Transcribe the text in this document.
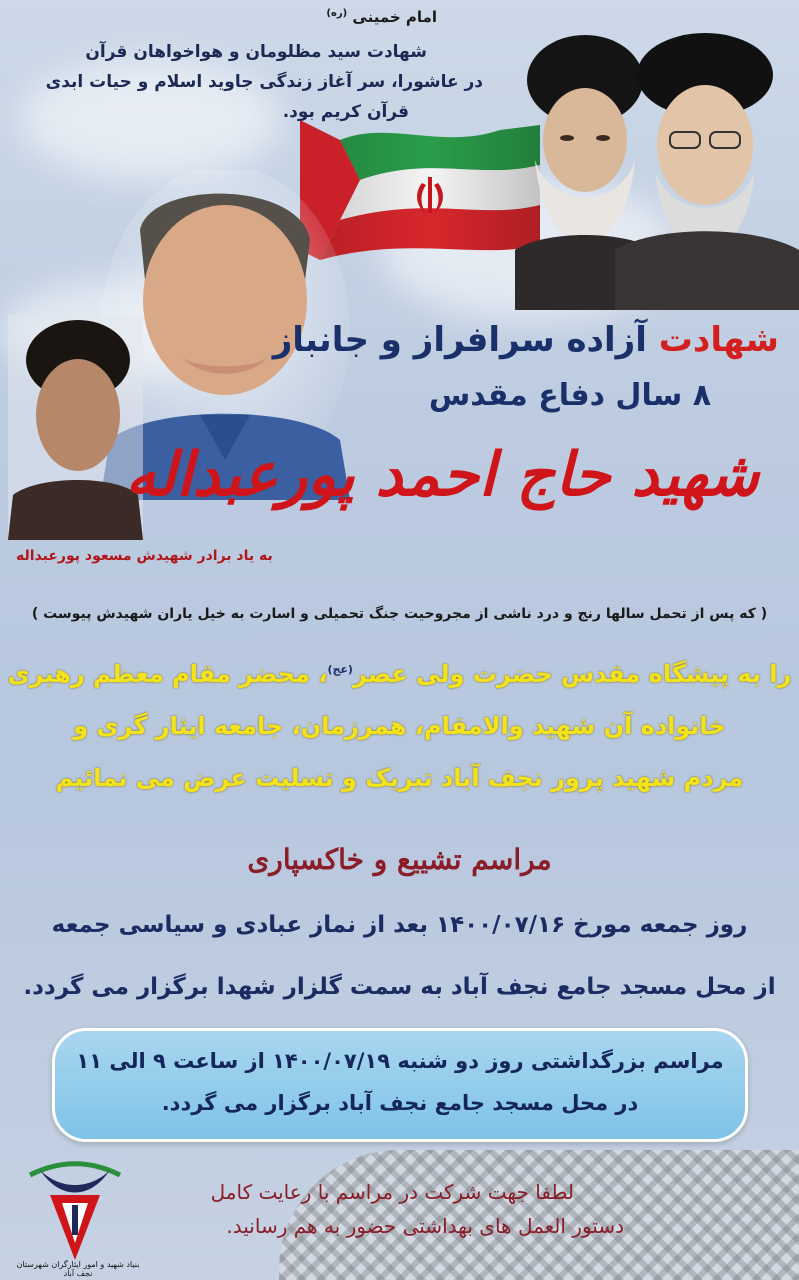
امام خمینی $^{(ره)}$
شهادت سید مظلومان و هواخواهان قرآن
در عاشورا، سر آغاز زندگی جاوید اسلام و حیات ابدی
قرآن کریم بود.
شهادت آزاده سرافراز و جانباز
۸ سال دفاع مقدس
شهید حاج احمد پورعبداله
به یاد برادر شهیدش مسعود پورعبداله
( که پس از تحمل سالها رنج و درد ناشی از مجروحیت جنگ تحمیلی و اسارت به خیل یاران شهیدش پیوست )
را به پیشگاه مقدس حضرت ولی عصر$^{(عج)}$، محضر مقام معظم رهبری
خانواده آن شهید والامقام، همرزمان، جامعه ایثار گری و
مردم شهید پرور نجف آباد تبریک و تسلیت عرض می نمائیم
مراسم تشییع و خاکسپاری
روز جمعه مورخ ۱۴۰۰/۰۷/۱۶ بعد از نماز عبادی و سیاسی جمعه
از محل مسجد جامع نجف آباد به سمت گلزار شهدا برگزار می گردد.
مراسم بزرگداشتی روز دو شنبه ۱۴۰۰/۰۷/۱۹ از ساعت ۹ الی ۱۱
در محل مسجد جامع نجف آباد برگزار می گردد.
لطفا جهت شرکت در مراسم با رعایت کامل
دستور العمل های بهداشتی حضور به هم رسانید.
بنیاد شهید و امور ایثارگران شهرستان نجف آباد
